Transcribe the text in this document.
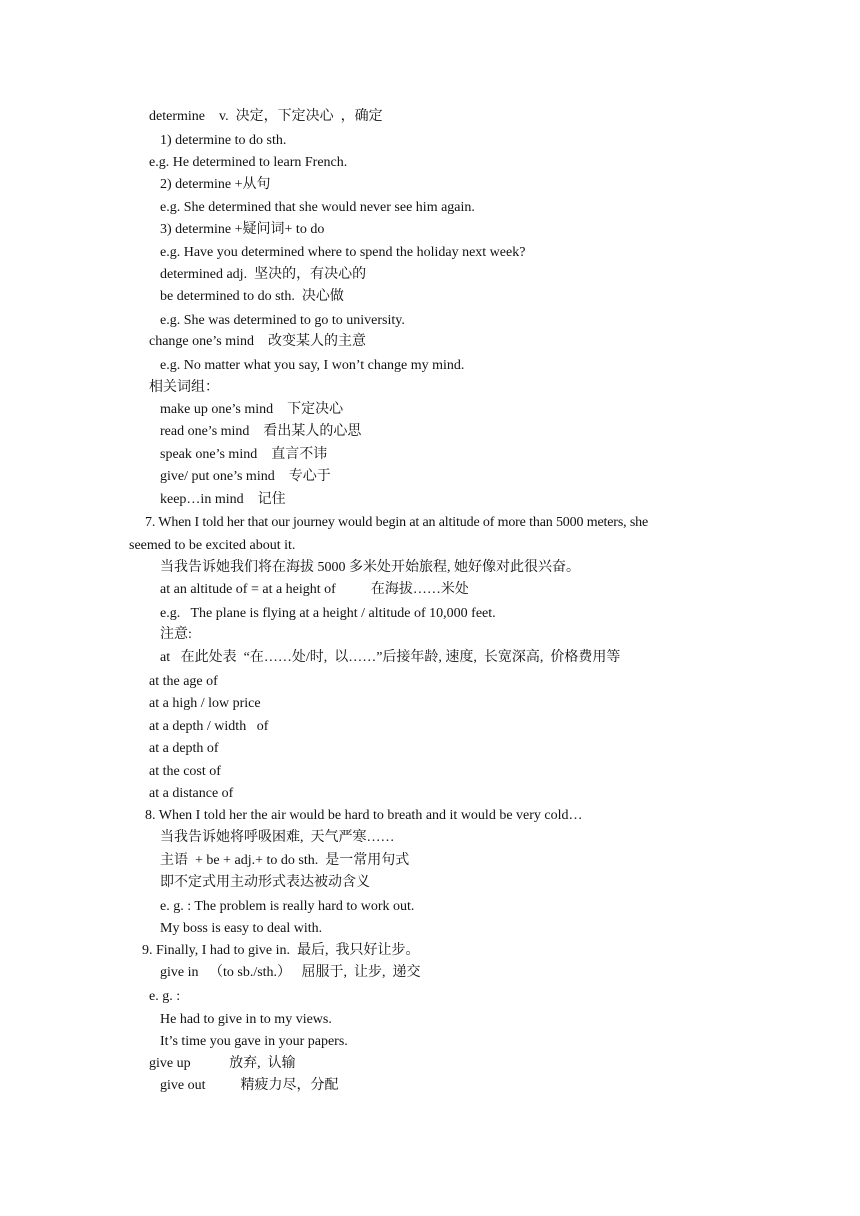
determine    v.  决定，下定决心  ，确定
1) determine to do sth.
e.g. He determined to learn French.
2) determine +从句
e.g. She determined that she would never see him again.
3) determine +疑问词+ to do
e.g. Have you determined where to spend the holiday next week?
determined adj.  坚决的，有决心的
be determined to do sth.  决心做
e.g. She was determined to go to university.
change one’s mind    改变某人的主意
e.g. No matter what you say, I won’t change my mind.
相关词组：
make up one’s mind    下定决心
read one’s mind    看出某人的心思
speak one’s mind    直言不讳
give/ put one’s mind    专心于
keep…in mind    记住
7. When I told her that our journey would begin at an altitude of more than 5000 meters, she
seemed to be excited about it.
当我告诉她我们将在海拔 5000 多米处开始旅程, 她好像对此很兴奋。
at an altitude of = at a height of          在海拔……米处
e.g.   The plane is flying at a height / altitude of 10,000 feet.
注意:
at   在此处表  “在……处/时,  以……”后接年龄, 速度,  长宽深高,  价格费用等
at the age of
at a high / low price
at a depth / width   of
at a depth of
at the cost of
at a distance of
8. When I told her the air would be hard to breath and it would be very cold…
当我告诉她将呼吸困难,  天气严寒……
主语  + be + adj.+ to do sth.  是一常用句式
即不定式用主动形式表达被动含义
e. g. : The problem is really hard to work out.
My boss is easy to deal with.
9. Finally, I had to give in.  最后,  我只好让步。
give in   （to sb./sth.）   屈服于,  让步,  递交
e. g. :
He had to give in to my views.
It’s time you gave in your papers.
give up           放弃,  认输
give out          精疲力尽，分配
